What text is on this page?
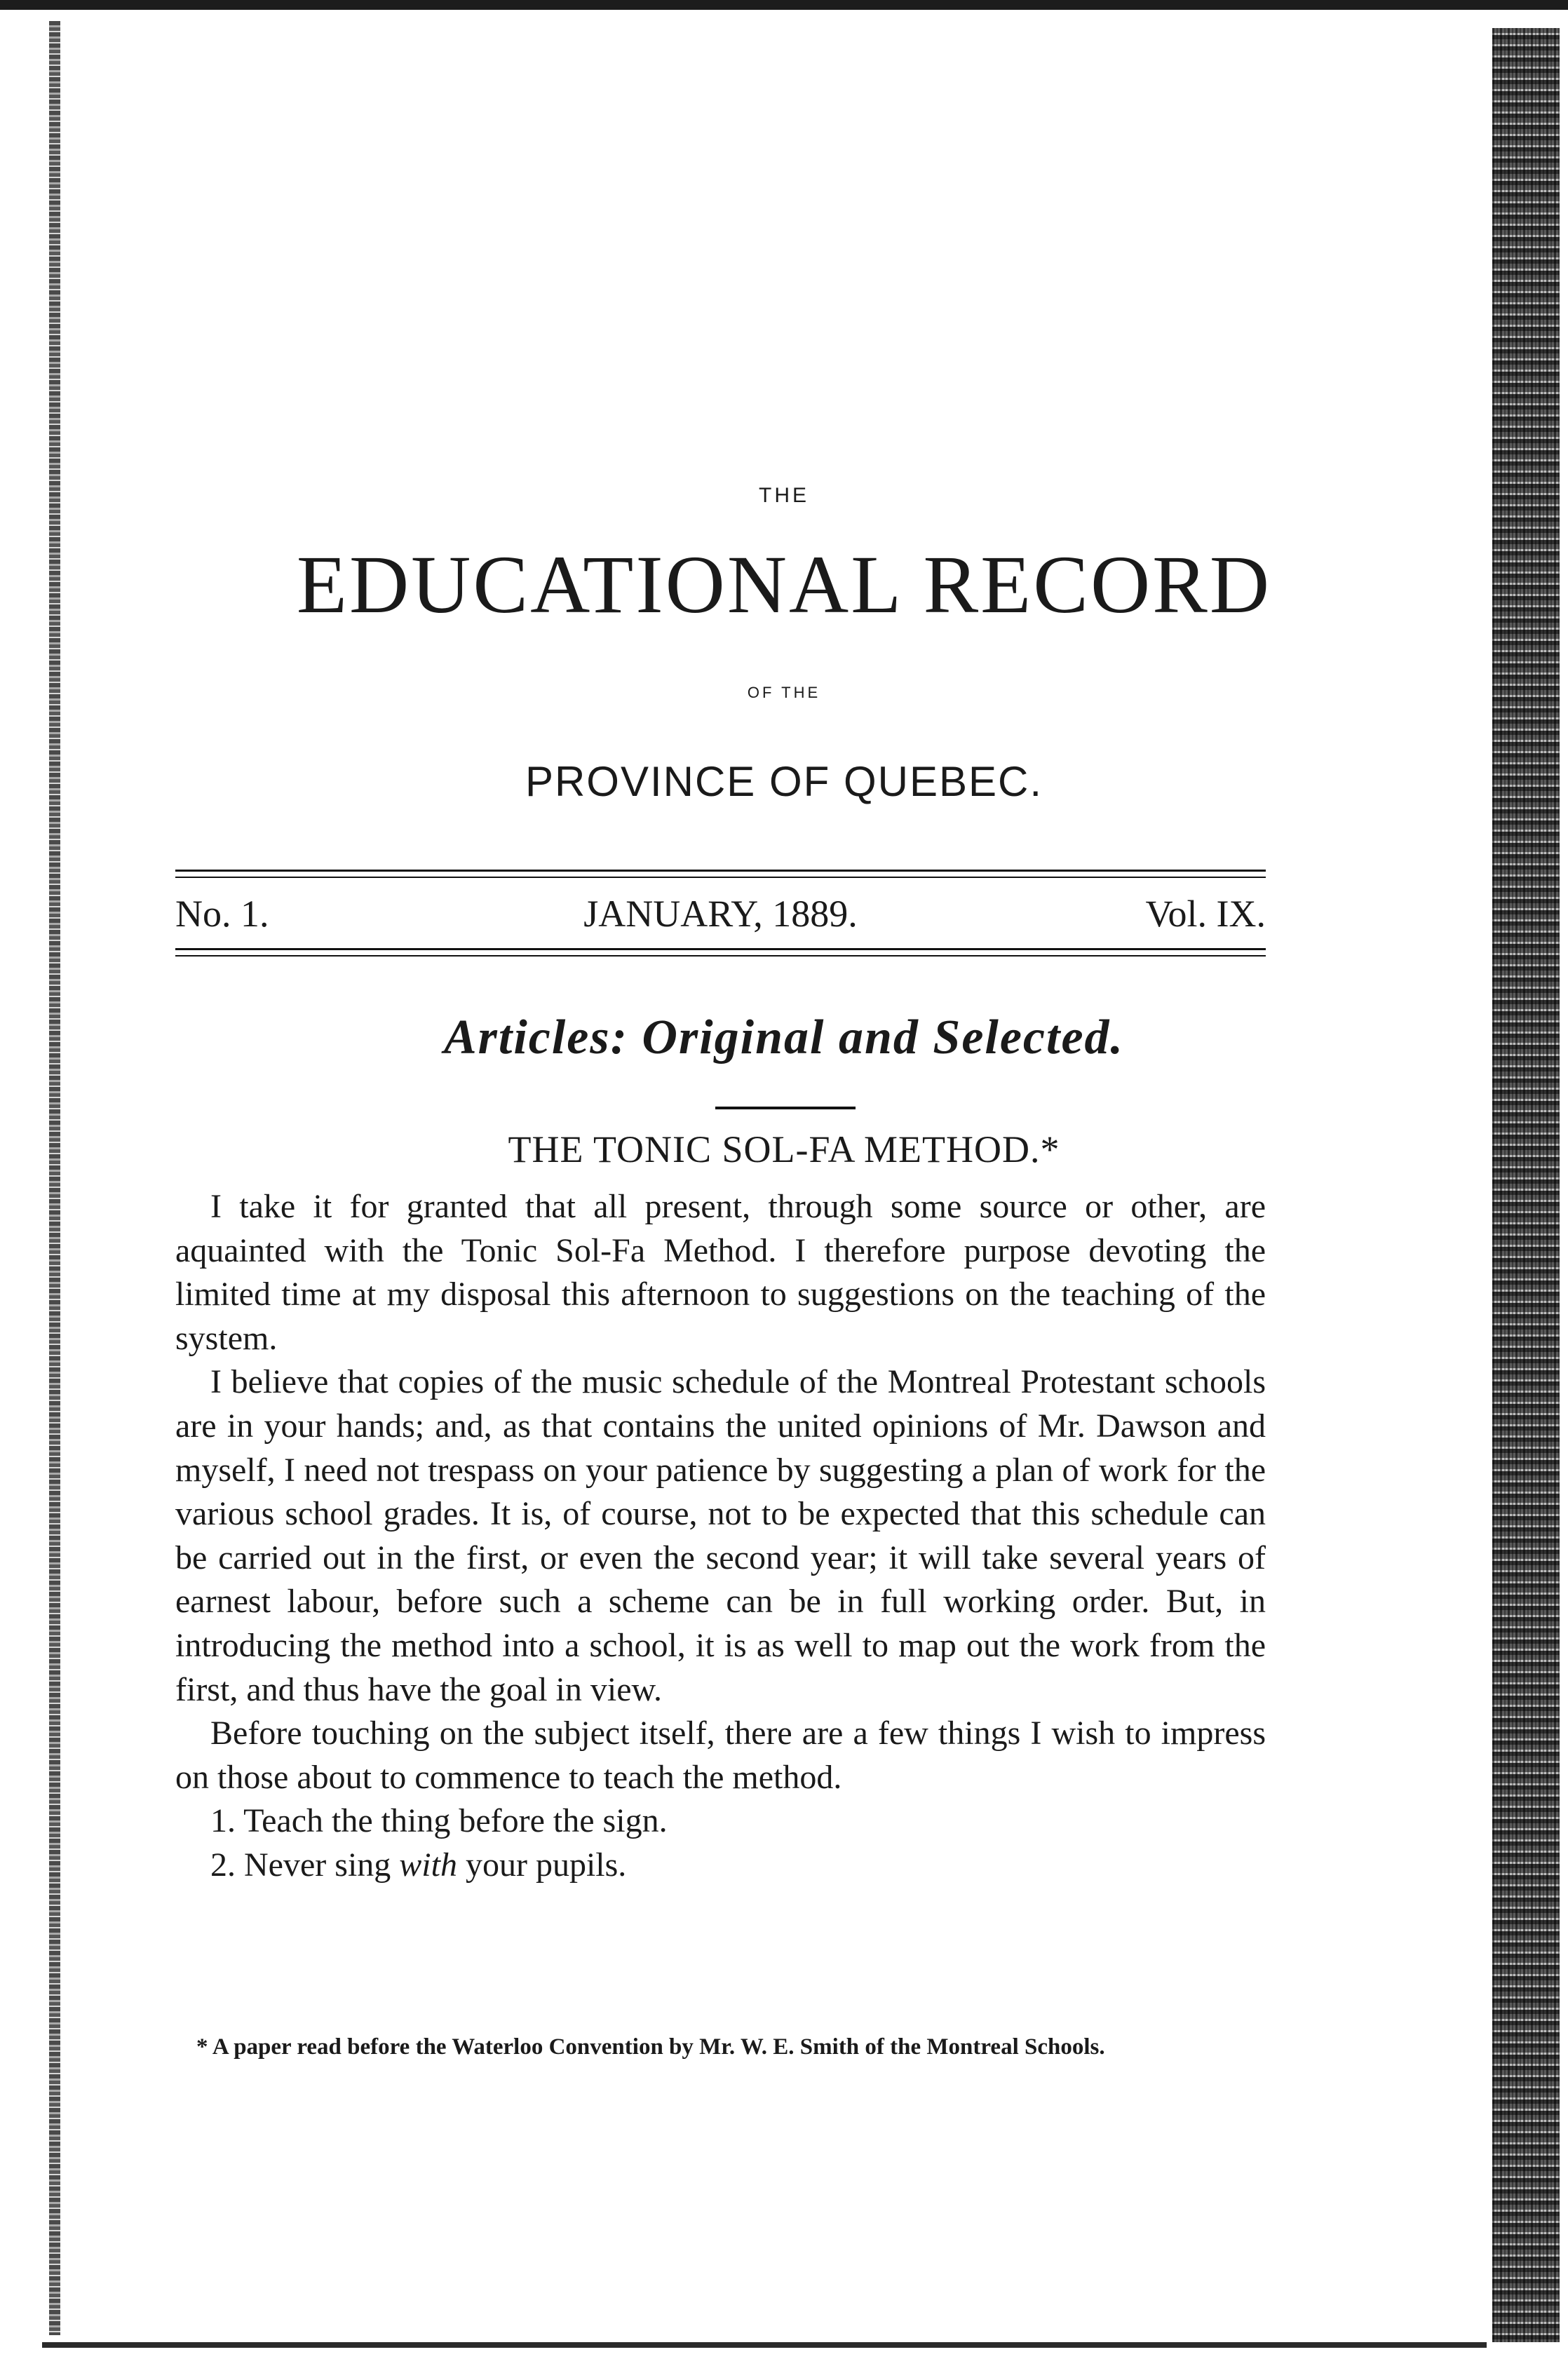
THE
EDUCATIONAL RECORD
OF THE
PROVINCE OF QUEBEC.
No. 1.	JANUARY, 1889.	Vol. IX.
Articles: Original and Selected.
THE TONIC SOL-FA METHOD.*

I take it for granted that all present, through some source or other, are aquainted with the Tonic Sol-Fa Method. I therefore purpose devoting the limited time at my disposal this afternoon to suggestions on the teaching of the system.

I believe that copies of the music schedule of the Montreal Protestant schools are in your hands; and, as that contains the united opinions of Mr. Dawson and myself, I need not trespass on your patience by suggesting a plan of work for the various school grades. It is, of course, not to be expected that this schedule can be carried out in the first, or even the second year; it will take several years of earnest labour, before such a scheme can be in full working order. But, in introducing the method into a school, it is as well to map out the work from the first, and thus have the goal in view.

Before touching on the subject itself, there are a few things I wish to impress on those about to commence to teach the method.

1. Teach the thing before the sign.
2. Never sing with your pupils.

* A paper read before the Waterloo Convention by Mr. W. E. Smith of the Montreal Schools.
